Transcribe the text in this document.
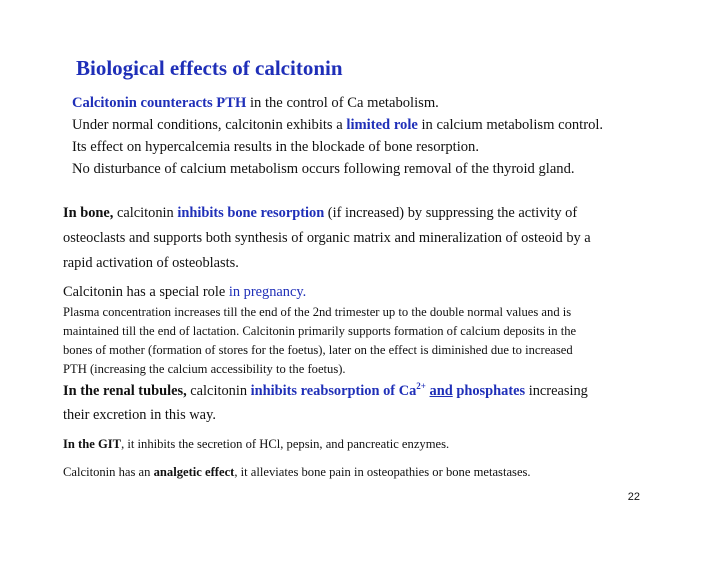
Biological effects of calcitonin
Calcitonin counteracts PTH in the control of Ca metabolism.
Under normal conditions, calcitonin exhibits a limited role in calcium metabolism control.
Its effect on hypercalcemia results in the blockade of bone resorption.
No disturbance of calcium metabolism occurs following removal of the thyroid gland.
In bone, calcitonin inhibits bone resorption (if increased) by suppressing the activity of
osteoclasts and supports both synthesis of organic matrix and mineralization of osteoid by a
rapid activation of osteoblasts.
Calcitonin has a special role in pregnancy.
Plasma concentration increases till the end of the 2nd trimester up to the double normal values and is
maintained till the end of lactation. Calcitonin primarily supports formation of calcium deposits in the
bones of mother (formation of stores for the foetus), later on the effect is diminished due to increased
PTH (increasing the calcium accessibility to the foetus).
In the renal tubules, calcitonin inhibits reabsorption of $Ca^{2+}$ and phosphates increasing
their excretion in this way.
In the GIT, it inhibits the secretion of HCl, pepsin, and pancreatic enzymes.
Calcitonin has an analgetic effect, it alleviates bone pain in osteopathies or bone metastases.
22
